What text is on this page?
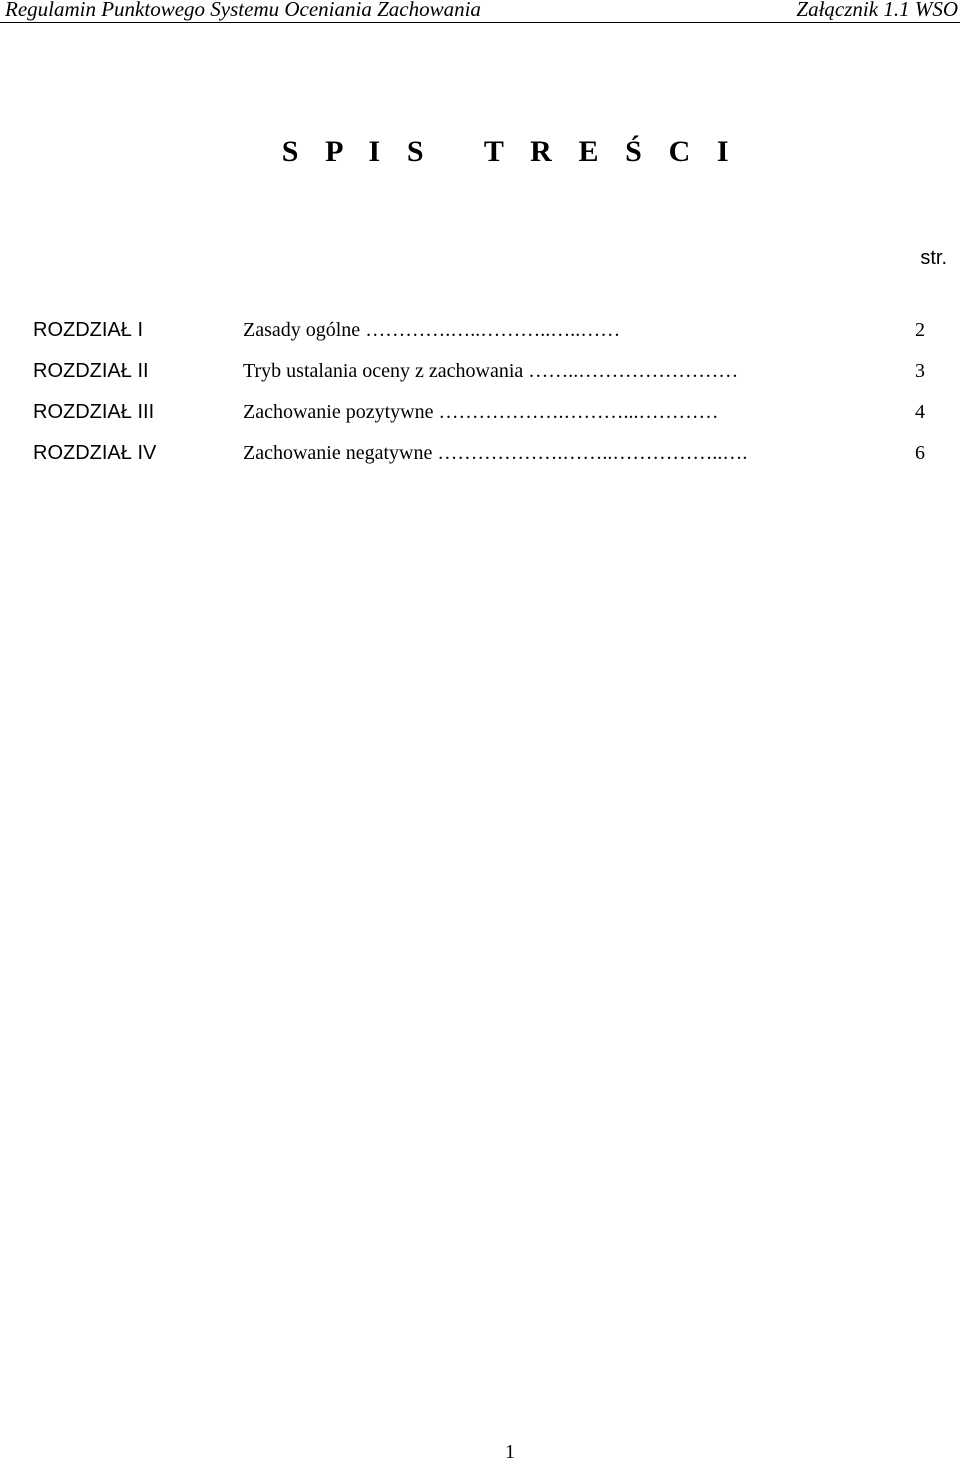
Regulamin Punktowego Systemu Oceniania Zachowania	Załącznik 1.1 WSO
S P I S   T R E Ś C I
str.
ROZDZIAŁ I	Zasady ogólne ………….…..………..…..……	2
ROZDZIAŁ II	Tryb ustalania oceny z zachowania ……..……………………	3
ROZDZIAŁ III	Zachowanie pozytywne ……………….………...…………	4
ROZDZIAŁ IV	Zachowanie negatywne ……………….……..……………..….	6
1
